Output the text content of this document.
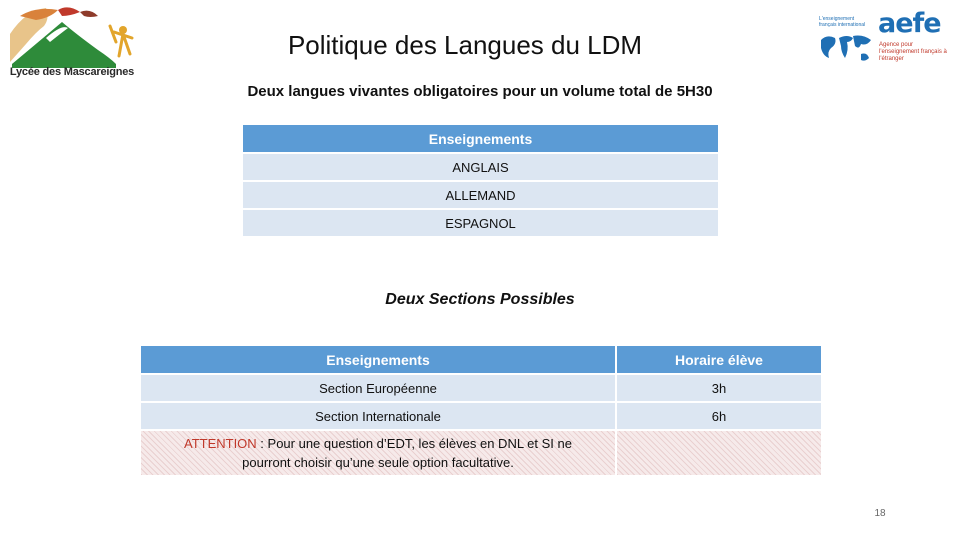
Lycée des Mascareignes
L'enseignement français international aefe
Agence pour l'enseignement français à l'étranger
Politique des Langues du LDM
Deux langues vivantes obligatoires pour un volume total de 5H30
Enseignements
ANGLAIS
ALLEMAND
ESPAGNOL
Deux Sections Possibles
Enseignements	Horaire élève
Section Européenne	3h
Section Internationale	6h
ATTENTION : Pour une question d’EDT, les élèves en DNL et SI ne
pourront choisir qu’une seule option facultative.
18
